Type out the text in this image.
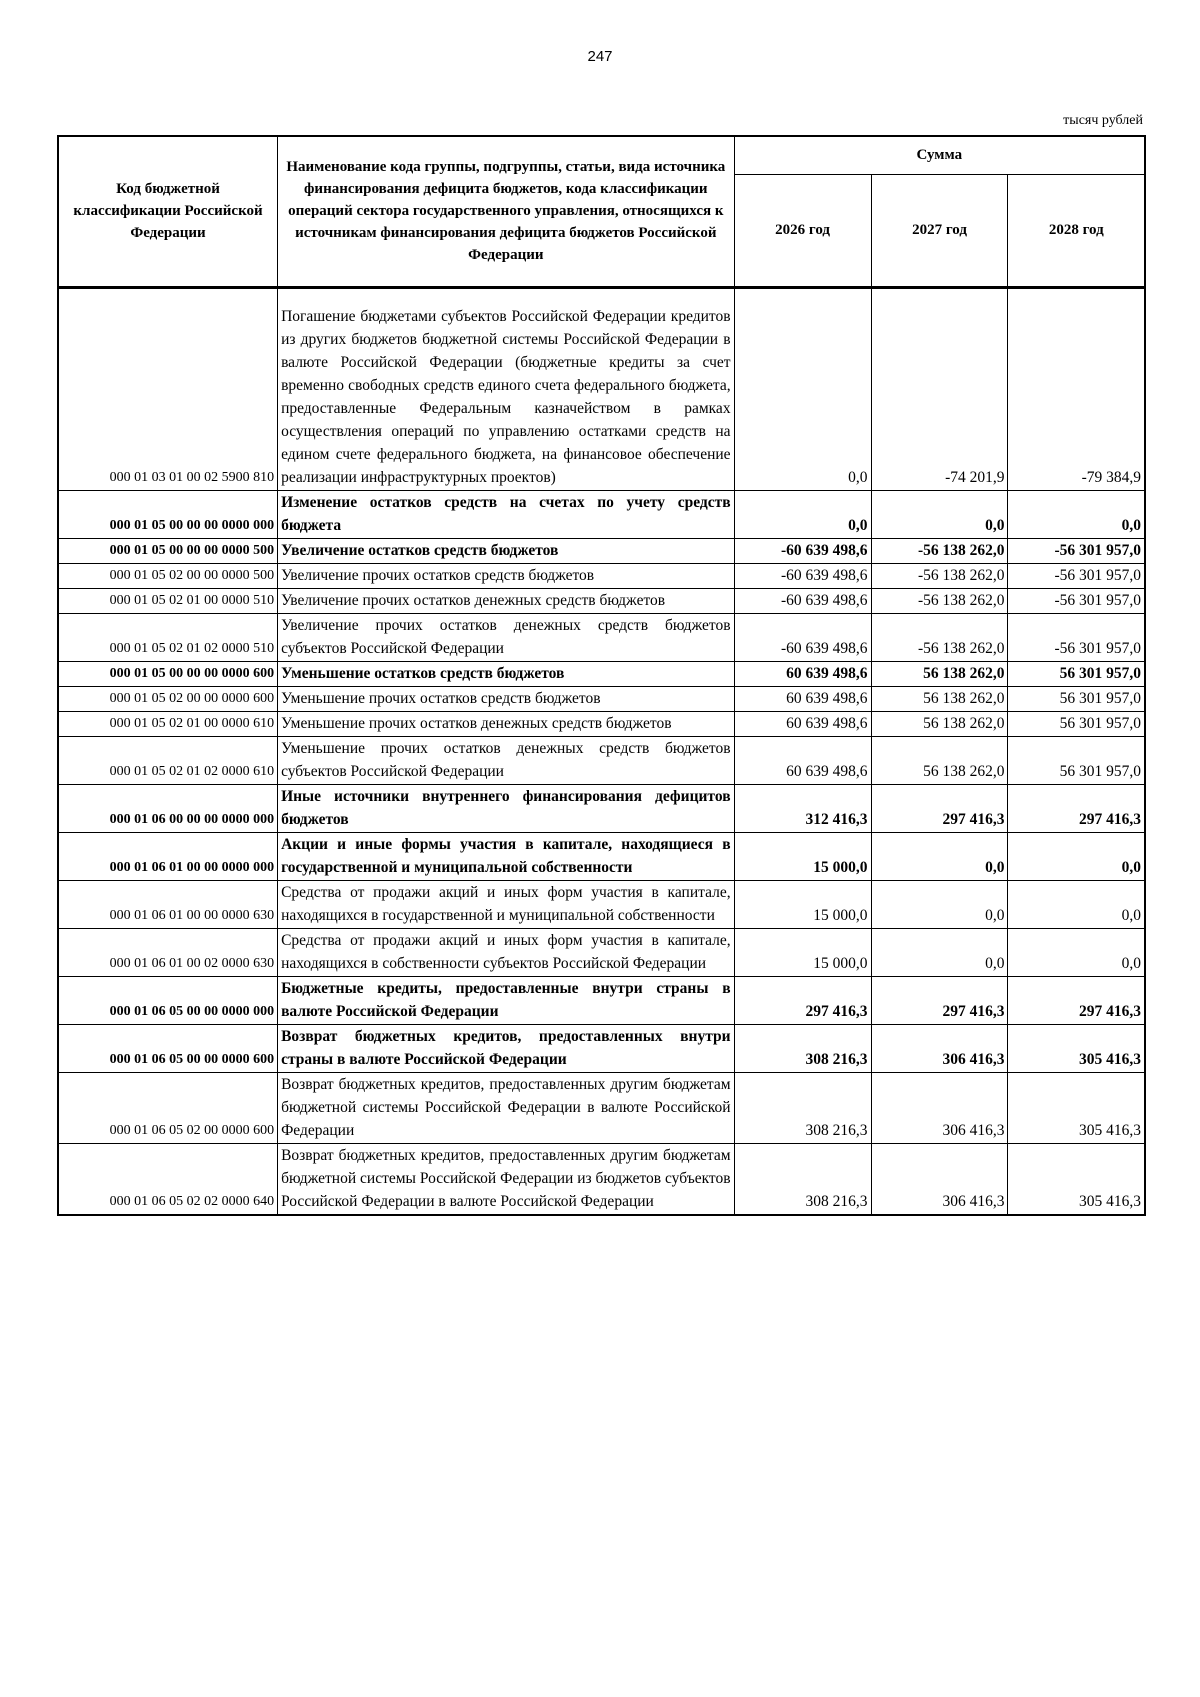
247
тысяч рублей
Код бюджетной классификации Российской Федерации	Наименование кода группы, подгруппы, статьи, вида источника финансирования дефицита бюджетов, кода классификации операций сектора государственного управления, относящихся к источникам финансирования дефицита бюджетов Российской Федерации	Сумма		
		2026 год	2027 год	2028 год

000 01 03 01 00 02 5900 810	Погашение бюджетами субъектов Российской Федерации кредитов из других бюджетов бюджетной системы Российской Федерации в валюте Российской Федерации (бюджетные кредиты за счет временно свободных средств единого счета федерального бюджета, предоставленные Федеральным казначейством в рамках осуществления операций по управлению остатками средств на едином счете федерального бюджета, на финансовое обеспечение реализации инфраструктурных проектов)	0,0	-74 201,9	-79 384,9
000 01 05 00 00 00 0000 000	Изменение остатков средств на счетах по учету средств бюджета	0,0	0,0	0,0
000 01 05 00 00 00 0000 500	Увеличение остатков средств бюджетов	-60 639 498,6	-56 138 262,0	-56 301 957,0
000 01 05 02 00 00 0000 500	Увеличение прочих остатков средств бюджетов	-60 639 498,6	-56 138 262,0	-56 301 957,0
000 01 05 02 01 00 0000 510	Увеличение прочих остатков денежных средств бюджетов	-60 639 498,6	-56 138 262,0	-56 301 957,0
000 01 05 02 01 02 0000 510	Увеличение прочих остатков денежных средств бюджетов субъектов Российской Федерации	-60 639 498,6	-56 138 262,0	-56 301 957,0
000 01 05 00 00 00 0000 600	Уменьшение остатков средств бюджетов	60 639 498,6	56 138 262,0	56 301 957,0
000 01 05 02 00 00 0000 600	Уменьшение прочих остатков средств бюджетов	60 639 498,6	56 138 262,0	56 301 957,0
000 01 05 02 01 00 0000 610	Уменьшение прочих остатков денежных средств бюджетов	60 639 498,6	56 138 262,0	56 301 957,0
000 01 05 02 01 02 0000 610	Уменьшение прочих остатков денежных средств бюджетов субъектов Российской Федерации	60 639 498,6	56 138 262,0	56 301 957,0
000 01 06 00 00 00 0000 000	Иные источники внутреннего финансирования дефицитов бюджетов	312 416,3	297 416,3	297 416,3
000 01 06 01 00 00 0000 000	Акции и иные формы участия в капитале, находящиеся в государственной и муниципальной собственности	15 000,0	0,0	0,0
000 01 06 01 00 00 0000 630	Средства от продажи акций и иных форм участия в капитале, находящихся в государственной и муниципальной собственности	15 000,0	0,0	0,0
000 01 06 01 00 02 0000 630	Средства от продажи акций и иных форм участия в капитале, находящихся в собственности субъектов Российской Федерации	15 000,0	0,0	0,0
000 01 06 05 00 00 0000 000	Бюджетные кредиты, предоставленные внутри страны в валюте Российской Федерации	297 416,3	297 416,3	297 416,3
000 01 06 05 00 00 0000 600	Возврат бюджетных кредитов, предоставленных внутри страны в валюте Российской Федерации	308 216,3	306 416,3	305 416,3
000 01 06 05 02 00 0000 600	Возврат бюджетных кредитов, предоставленных другим бюджетам бюджетной системы Российской Федерации в валюте Российской Федерации	308 216,3	306 416,3	305 416,3
000 01 06 05 02 02 0000 640	Возврат бюджетных кредитов, предоставленных другим бюджетам бюджетной системы Российской Федерации из бюджетов субъектов Российской Федерации в валюте Российской Федерации	308 216,3	306 416,3	305 416,3
